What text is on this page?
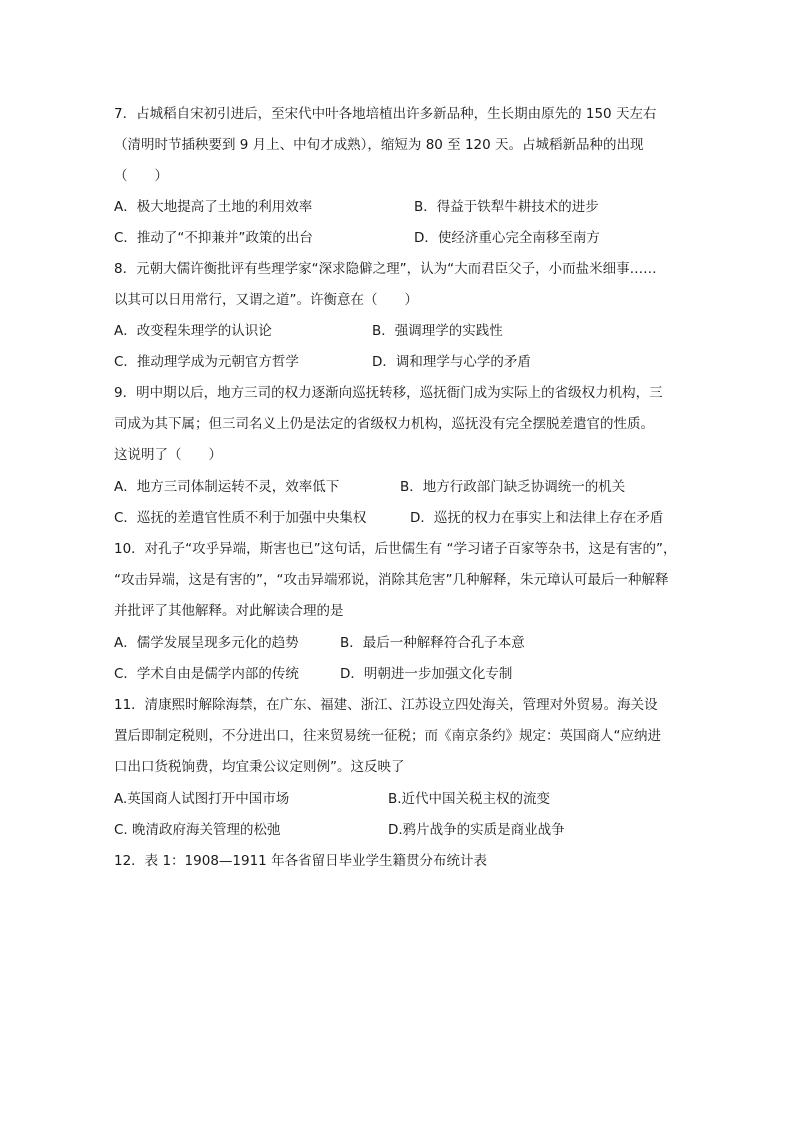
7．占城稻自宋初引进后，至宋代中叶各地培植出许多新品种，生长期由原先的 150 天左右
（清明时节插秧要到 9 月上、中旬才成熟），缩短为 80 至 120 天。占城稻新品种的出现
（　　）
A．极大地提高了土地的利用效率	B．得益于铁犁牛耕技术的进步
C．推动了“不抑兼并”政策的出台	D．使经济重心完全南移至南方
8．元朝大儒许衡批评有些理学家“深求隐僻之理”，认为“大而君臣父子，小而盐米细事……
以其可以日用常行，又谓之道”。许衡意在（　　）
A．改变程朱理学的认识论	B．强调理学的实践性
C．推动理学成为元朝官方哲学	D．调和理学与心学的矛盾
9．明中期以后，地方三司的权力逐渐向巡抚转移，巡抚衙门成为实际上的省级权力机构，三
司成为其下属；但三司名义上仍是法定的省级权力机构，巡抚没有完全摆脱差遣官的性质。
这说明了（　　）
A．地方三司体制运转不灵，效率低下	B．地方行政部门缺乏协调统一的机关
C．巡抚的差遣官性质不利于加强中央集权	D．巡抚的权力在事实上和法律上存在矛盾
10．对孔子“攻乎异端，斯害也已”这句话，后世儒生有 “学习诸子百家等杂书，这是有害的”，
“攻击异端，这是有害的”，“攻击异端邪说，消除其危害”几种解释，朱元璋认可最后一种解释
并批评了其他解释。对此解读合理的是
A．儒学发展呈现多元化的趋势	B．最后一种解释符合孔子本意
C．学术自由是儒学内部的传统	D．明朝进一步加强文化专制
11．清康熙时解除海禁，在广东、福建、浙江、江苏设立四处海关，管理对外贸易。海关设
置后即制定税则，不分进出口，往来贸易统一征税；而《南京条约》规定：英国商人“应纳进
口出口货税饷费，均宜秉公议定则例”。这反映了
A.英国商人试图打开中国市场	B.近代中国关税主权的流变
C. 晚清政府海关管理的松弛	D.鸦片战争的实质是商业战争
12．表 1：1908—1911 年各省留日毕业学生籍贯分布统计表
